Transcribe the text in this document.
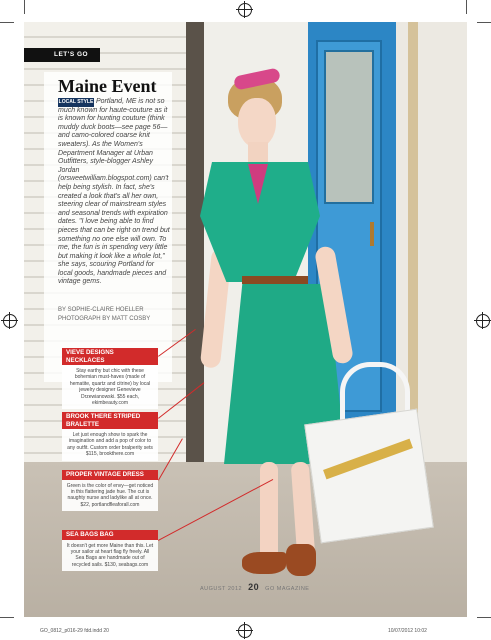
LET'S GO
Maine Event
LOCAL STYLE Portland, ME is not so much known for haute-couture as it is known for hunting couture (think muddy duck boots—see page 56— and camo-colored coarse knit sweaters). As the Women's Department Manager at Urban Outfitters, style-blogger Ashley Jordan (orsweetwilliam.blogspot.com) can't help being stylish. In fact, she's created a look that's all her own, steering clear of mainstream styles and seasonal trends with expiration dates. "I love being able to find pieces that can be right on trend but something no one else will own. To me, the fun is in spending very little but making it look like a whole lot," she says, scouring Portland for local goods, handmade pieces and vintage gems.

BY SOPHIE-CLAIRE HOELLER
PHOTOGRAPH BY MATT COSBY
VIEVE DESIGNS NECKLACES
Stay earthy but chic with these bohemian must-haves (made of hematite, quartz and citrine) by local jewelry designer Genevieve Drzewianowski. $55 each, ekimbeauty.com
BROOK THERE STRIPED BRALETTE
Let just enough show to spark the imagination and add a pop of color to any outfit. Custom order bralperity sets $115, brookthere.com
PROPER VINTAGE DRESS
Green is the color of envy—get noticed in this flattering jade hue. The cut is naughty nurse and ladylike all at once. $22, portlandfleaforall.com
SEA BAGS BAG
It doesn't get more Maine than this. Let your sailor at heart flag fly freely. All Sea Bags are handmade out of recycled sails. $130, seabags.com
AUGUST 2012 20 GO MAGAZINE
GO_0812_p016-29 fdd.indd 20	10/07/2012 10:02
